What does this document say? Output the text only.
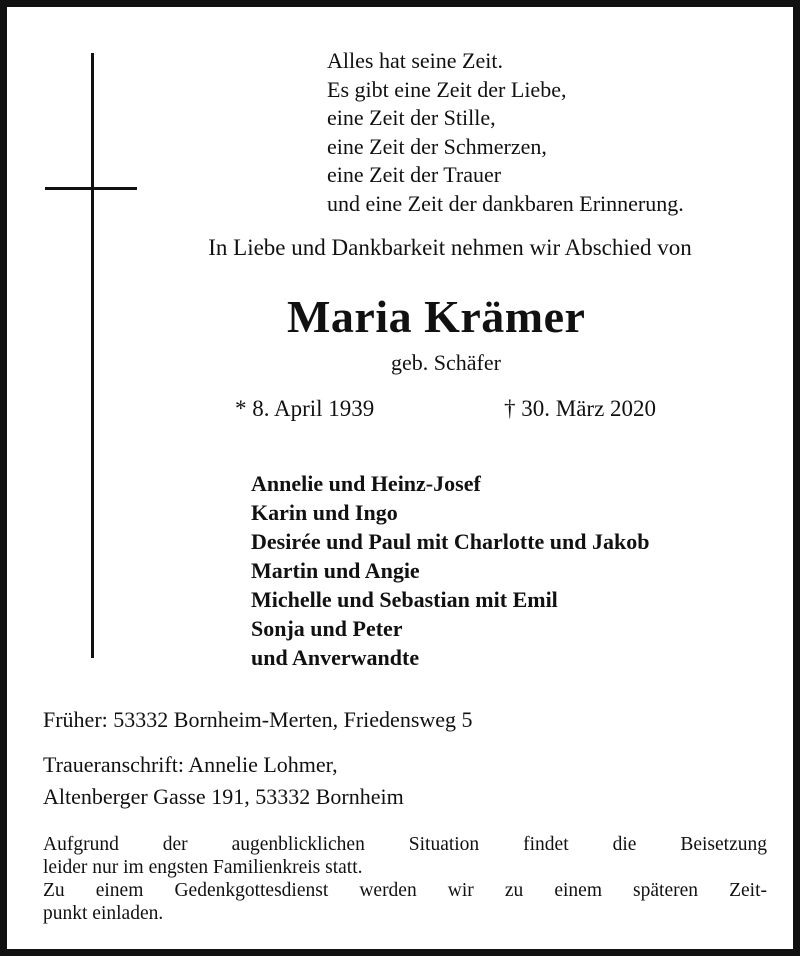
Alles hat seine Zeit.
Es gibt eine Zeit der Liebe,
eine Zeit der Stille,
eine Zeit der Schmerzen,
eine Zeit der Trauer
und eine Zeit der dankbaren Erinnerung.
In Liebe und Dankbarkeit nehmen wir Abschied von
Maria Krämer
geb. Schäfer
* 8. April 1939	† 30. März 2020
Annelie und Heinz-Josef
Karin und Ingo
Desirée und Paul mit Charlotte und Jakob
Martin und Angie
Michelle und Sebastian mit Emil
Sonja und Peter
und Anverwandte
Früher: 53332 Bornheim-Merten, Friedensweg 5
Traueranschrift: Annelie Lohmer,
Altenberger Gasse 191, 53332 Bornheim
Aufgrund der augenblicklichen Situation findet die Beisetzung
leider nur im engsten Familienkreis statt.
Zu einem Gedenkgottesdienst werden wir zu einem späteren Zeit-
punkt einladen.
